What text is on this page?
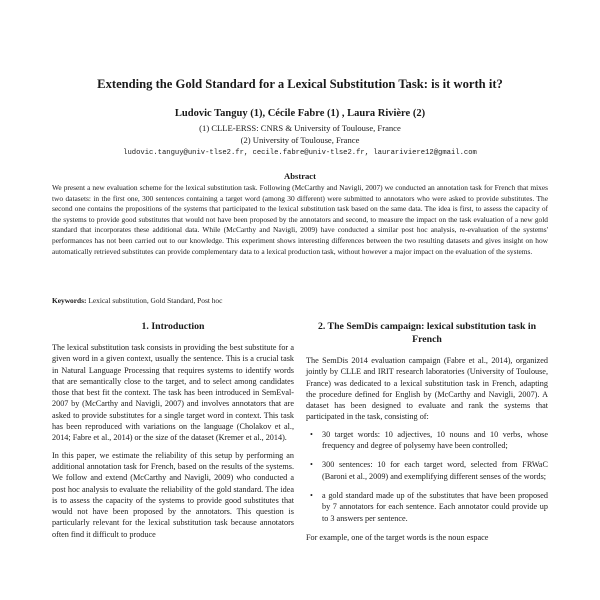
Extending the Gold Standard for a Lexical Substitution Task: is it worth it?
Ludovic Tanguy (1), Cécile Fabre (1) , Laura Rivière (2)
(1) CLLE-ERSS: CNRS & University of Toulouse, France
(2) University of Toulouse, France
ludovic.tanguy@univ-tlse2.fr, cecile.fabre@univ-tlse2.fr, laurariviere12@gmail.com
Abstract
We present a new evaluation scheme for the lexical substitution task. Following (McCarthy and Navigli, 2007) we conducted an annotation task for French that mixes two datasets: in the first one, 300 sentences containing a target word (among 30 different) were submitted to annotators who were asked to provide substitutes. The second one contains the propositions of the systems that participated to the lexical substitution task based on the same data. The idea is first, to assess the capacity of the systems to provide good substitutes that would not have been proposed by the annotators and second, to measure the impact on the task evaluation of a new gold standard that incorporates these additional data. While (McCarthy and Navigli, 2009) have conducted a similar post hoc analysis, re-evaluation of the systems' performances has not been carried out to our knowledge. This experiment shows interesting differences between the two resulting datasets and gives insight on how automatically retrieved substitutes can provide complementary data to a lexical production task, without however a major impact on the evaluation of the systems.
Keywords: Lexical substitution, Gold Standard, Post hoc
1. Introduction

The lexical substitution task consists in providing the best substitute for a given word in a given context, usually the sentence. This is a crucial task in Natural Language Processing that requires systems to identify words that are semantically close to the target, and to select among candidates those that best fit the context. The task has been introduced in SemEval-2007 by (McCarthy and Navigli, 2007) and involves annotators that are asked to provide substitutes for a single target word in context. This task has been reproduced with variations on the language (Cholakov et al., 2014; Fabre et al., 2014) or the size of the dataset (Kremer et al., 2014).

In this paper, we estimate the reliability of this setup by performing an additional annotation task for French, based on the results of the systems. We follow and extend (McCarthy and Navigli, 2009) who conducted a post hoc analysis to evaluate the reliability of the gold standard. The idea is to assess the capacity of the systems to provide good substitutes that would not have been proposed by the annotators. This question is particularly relevant for the lexical substitution task because annotators often find it difficult to produce

2. The SemDis campaign: lexical substitution task in French

The SemDis 2014 evaluation campaign (Fabre et al., 2014), organized jointly by CLLE and IRIT research laboratories (University of Toulouse, France) was dedicated to a lexical substitution task in French, adapting the procedure defined for English by (McCarthy and Navigli, 2007). A dataset has been designed to evaluate and rank the systems that participated in the task, consisting of:

• 30 target words: 10 adjectives, 10 nouns and 10 verbs, whose frequency and degree of polysemy have been controlled;
• 300 sentences: 10 for each target word, selected from FRWaC (Baroni et al., 2009) and exemplifying different senses of the words;
• a gold standard made up of the substitutes that have been proposed by 7 annotators for each sentence. Each annotator could provide up to 3 answers per sentence.

For example, one of the target words is the noun espace
